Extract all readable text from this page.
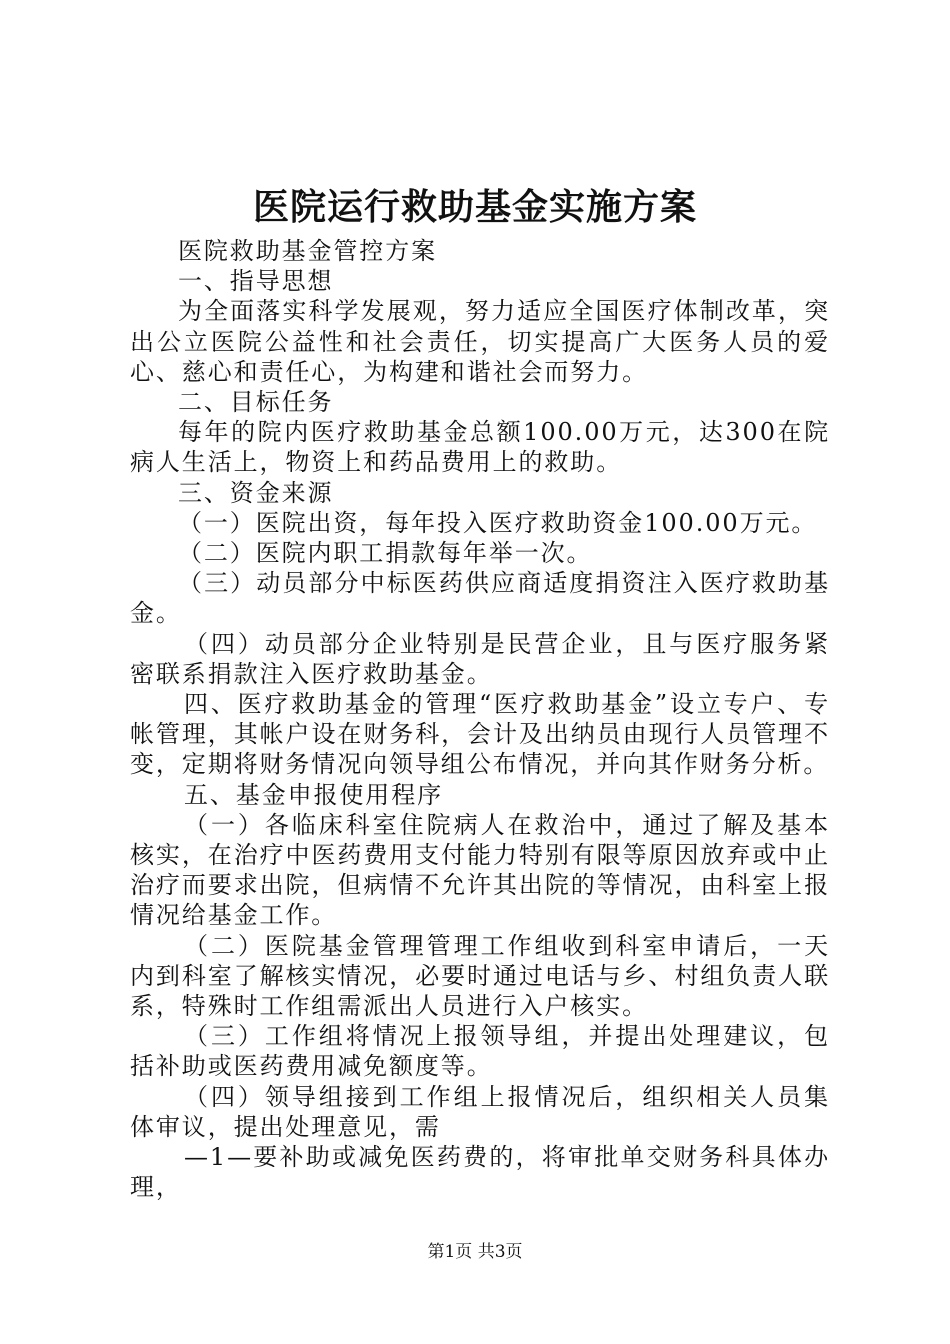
医院运行救助基金实施方案
医院救助基金管控方案
一、指导思想
为全面落实科学发展观，努力适应全国医疗体制改革，突出公立医院公益性和社会责任，切实提高广大医务人员的爱心、慈心和责任心，为构建和谐社会而努力。
二、目标任务
每年的院内医疗救助基金总额100.00万元，达300在院病人生活上，物资上和药品费用上的救助。
三、资金来源
（一）医院出资，每年投入医疗救助资金100.00万元。
（二）医院内职工捐款每年举一次。
（三）动员部分中标医药供应商适度捐资注入医疗救助基金。
（四）动员部分企业特别是民营企业，且与医疗服务紧密联系捐款注入医疗救助基金。
四、医疗救助基金的管理“医疗救助基金”设立专户、专帐管理，其帐户设在财务科，会计及出纳员由现行人员管理不变，定期将财务情况向领导组公布情况，并向其作财务分析。
五、基金申报使用程序
（一）各临床科室住院病人在救治中，通过了解及基本核实，在治疗中医药费用支付能力特别有限等原因放弃或中止治疗而要求出院，但病情不允许其出院的等情况，由科室上报情况给基金工作。
（二）医院基金管理管理工作组收到科室申请后，一天内到科室了解核实情况，必要时通过电话与乡、村组负责人联系，特殊时工作组需派出人员进行入户核实。
（三）工作组将情况上报领导组，并提出处理建议，包括补助或医药费用减免额度等。
（四）领导组接到工作组上报情况后，组织相关人员集体审议，提出处理意见，需
—1—要补助或减免医药费的，将审批单交财务科具体办理，
第1页 共3页
